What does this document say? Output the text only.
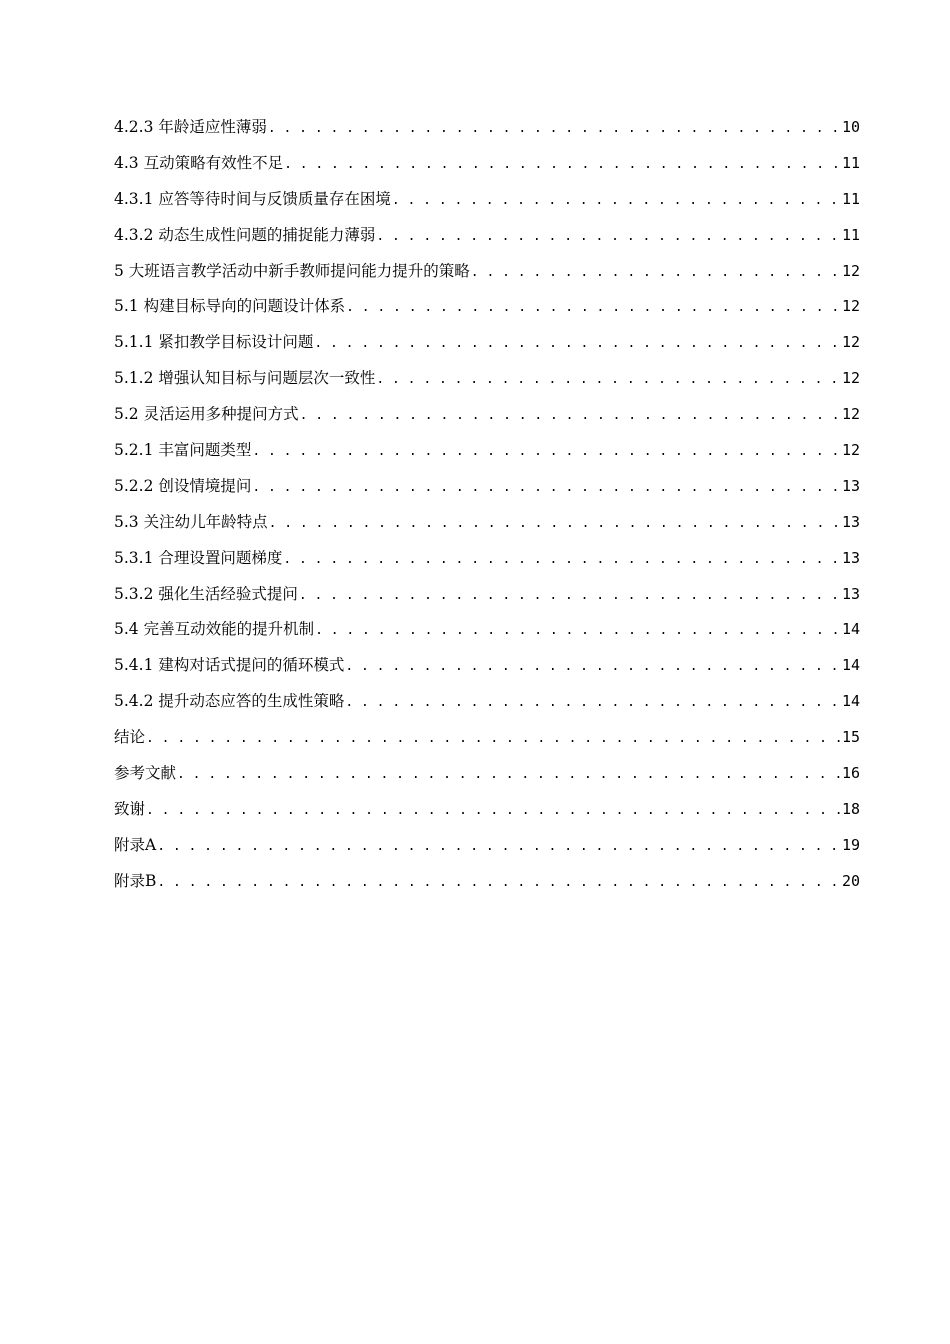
4.2.3 年龄适应性薄弱 . . .	10
4.3 互动策略有效性不足 . . .	11
4.3.1 应答等待时间与反馈质量存在困境 . . .	11
4.3.2 动态生成性问题的捕捉能力薄弱 . . .	11
5 大班语言教学活动中新手教师提问能力提升的策略 . . .	12
5.1 构建目标导向的问题设计体系 . . .	12
5.1.1 紧扣教学目标设计问题 . . .	12
5.1.2 增强认知目标与问题层次一致性 . . .	12
5.2 灵活运用多种提问方式 . . .	12
5.2.1 丰富问题类型 . . .	12
5.2.2 创设情境提问 . . .	13
5.3 关注幼儿年龄特点 . . .	13
5.3.1 合理设置问题梯度 . . .	13
5.3.2 强化生活经验式提问 . . .	13
5.4 完善互动效能的提升机制 . . .	14
5.4.1 建构对话式提问的循环模式 . . .	14
5.4.2 提升动态应答的生成性策略 . . .	14
结论 . . .	15
参考文献 . . .	16
致谢 . . .	18
附录A . . .	19
附录B . . .	20
